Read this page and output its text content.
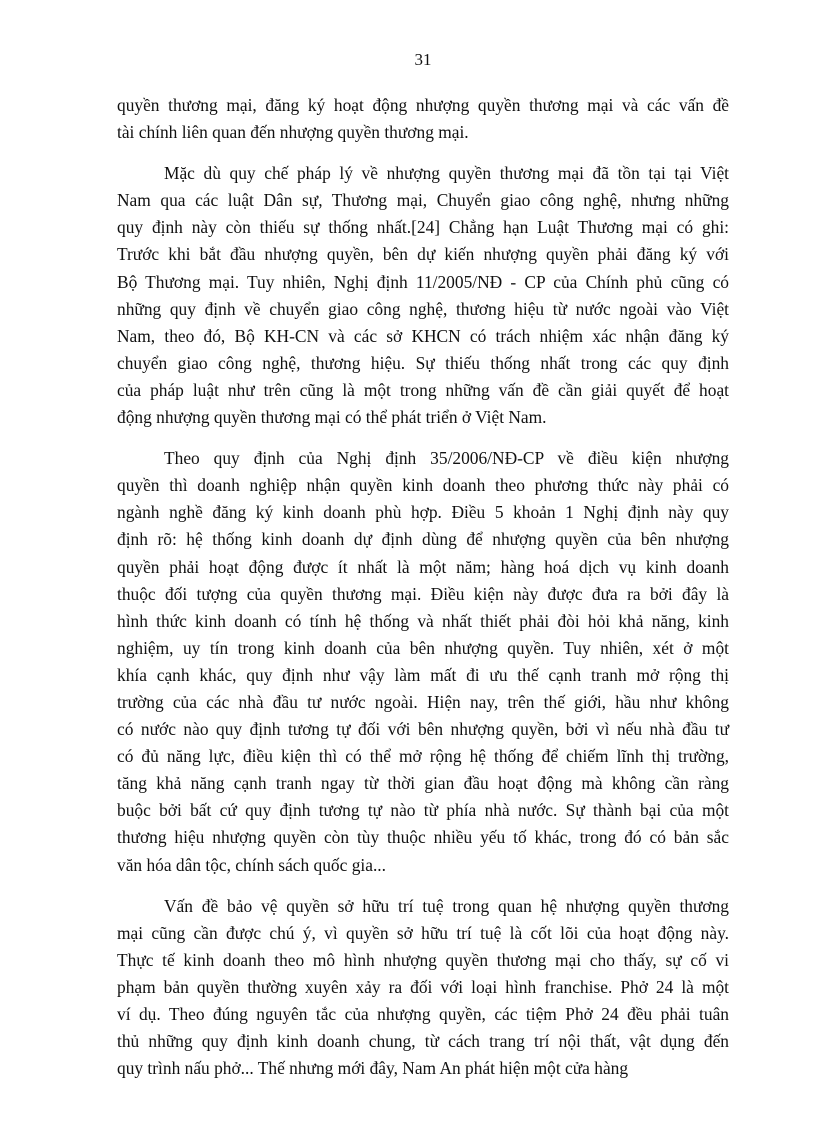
31

quyền thương mại, đăng ký hoạt động nhượng quyền thương mại và các vấn đề
tài chính liên quan đến nhượng quyền thương mại.

Mặc dù quy chế pháp lý về nhượng quyền thương mại đã tồn tại tại Việt
Nam qua các luật Dân sự, Thương mại, Chuyển giao công nghệ, nhưng những
quy định này còn thiếu sự thống nhất.[24] Chẳng hạn Luật Thương mại có ghi:
Trước khi bắt đầu nhượng quyền, bên dự kiến nhượng quyền phải đăng ký với
Bộ Thương mại. Tuy nhiên, Nghị định 11/2005/NĐ - CP của Chính phủ cũng có
những quy định về chuyển giao công nghệ, thương hiệu từ nước ngoài vào Việt
Nam, theo đó, Bộ KH-CN và các sở KHCN có trách nhiệm xác nhận đăng ký
chuyển giao công nghệ, thương hiệu. Sự thiếu thống nhất trong các quy định
của pháp luật như trên cũng là một trong những vấn đề cần giải quyết để hoạt
động nhượng quyền thương mại có thể phát triển ở Việt Nam.

Theo quy định của Nghị định 35/2006/NĐ-CP về điều kiện nhượng
quyền thì doanh nghiệp nhận quyền kinh doanh theo phương thức này phải có
ngành nghề đăng ký kinh doanh phù hợp. Điều 5 khoản 1 Nghị định này quy
định rõ: hệ thống kinh doanh dự định dùng để nhượng quyền của bên nhượng
quyền phải hoạt động được ít nhất là một năm; hàng hoá dịch vụ kinh doanh
thuộc đối tượng của quyền thương mại. Điều kiện này được đưa ra bởi đây là
hình thức kinh doanh có tính hệ thống và nhất thiết phải đòi hỏi khả năng, kinh
nghiệm, uy tín trong kinh doanh của bên nhượng quyền. Tuy nhiên, xét ở một
khía cạnh khác, quy định như vậy làm mất đi ưu thế cạnh tranh mở rộng thị
trường của các nhà đầu tư nước ngoài. Hiện nay, trên thế giới, hầu như không
có nước nào quy định tương tự đối với bên nhượng quyền, bởi vì nếu nhà đầu tư
có đủ năng lực, điều kiện thì có thể mở rộng hệ thống để chiếm lĩnh thị trường,
tăng khả năng cạnh tranh ngay từ thời gian đầu hoạt động mà không cần ràng
buộc bởi bất cứ quy định tương tự nào từ phía nhà nước. Sự thành bại của một
thương hiệu nhượng quyền còn tùy thuộc nhiều yếu tố khác, trong đó có bản sắc
văn hóa dân tộc, chính sách quốc gia...

Vấn đề bảo vệ quyền sở hữu trí tuệ trong quan hệ nhượng quyền thương
mại cũng cần được chú ý, vì quyền sở hữu trí tuệ là cốt lõi của hoạt động này.
Thực tế kinh doanh theo mô hình nhượng quyền thương mại cho thấy, sự cố vi
phạm bản quyền thường xuyên xảy ra đối với loại hình franchise. Phở 24 là một
ví dụ. Theo đúng nguyên tắc của nhượng quyền, các tiệm Phở 24 đều phải tuân
thủ những quy định kinh doanh chung, từ cách trang trí nội thất, vật dụng đến
quy trình nấu phở... Thế nhưng mới đây, Nam An phát hiện một cửa hàng
